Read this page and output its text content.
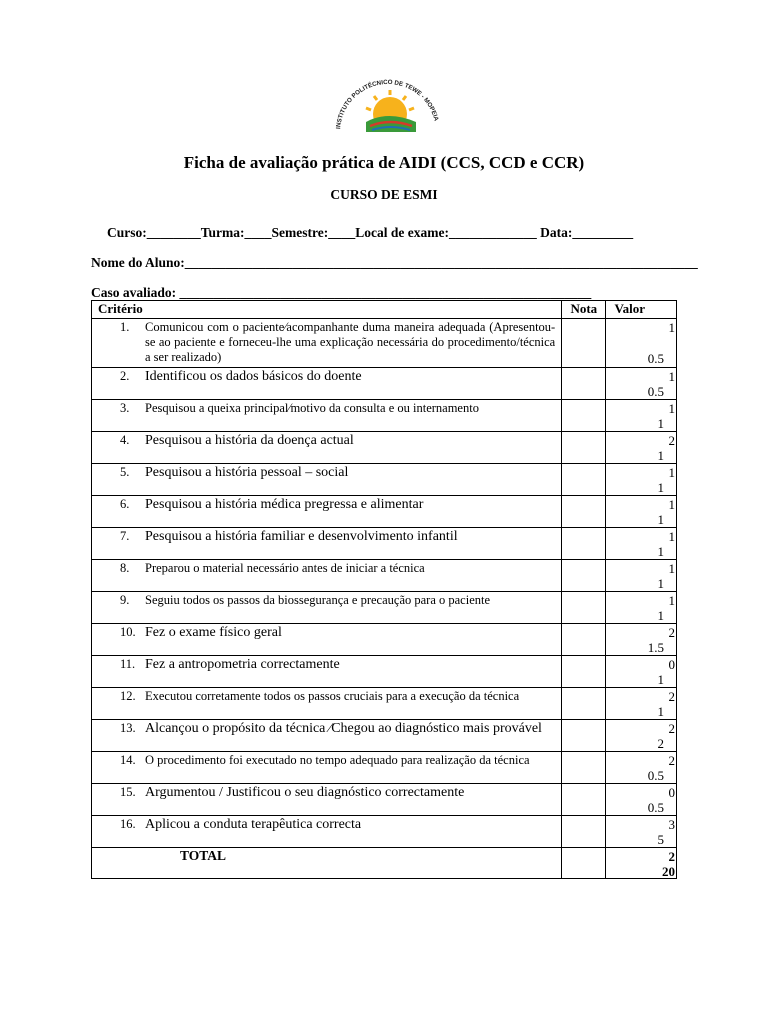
INSTITUTO POLITÉCNICO DE TEWE - MOPEIA
Ficha de avaliação prática de AIDI (CCS, CCD e CCR)
CURSO DE ESMI
Curso:________Turma:____Semestre:____Local de exame:_____________ Data:_________
Nome do Aluno:____________________________________________________________________________
Caso avaliado: _____________________________________________________________
Critério	Nota	Valor

1. Comunicou com o paciente⁄acompanhante duma maneira adequada (Apresentou-se ao paciente e forneceu-lhe uma explicação necessária do procedimento/técnica a ser realizado)		1
0.5

2. Identificou os dados básicos do doente		1
0.5

3. Pesquisou a queixa principal⁄motivo da consulta e ou internamento		1
1

4. Pesquisou a história da doença actual		2
1

5. Pesquisou a história pessoal – social		1
1

6. Pesquisou a história médica pregressa e alimentar		1
1

7. Pesquisou a história familiar e desenvolvimento infantil		1
1

8. Preparou o material necessário antes de iniciar a técnica		1
1

9. Seguiu todos os passos da biossegurança e precaução para o paciente		1
1

10. Fez o exame físico geral		2
1.5

11. Fez a antropometria correctamente		0
1

12. Executou corretamente todos os passos cruciais para a execução da técnica		2
1

13. Alcançou o propósito da técnica ⁄Chegou ao diagnóstico mais provável		2
2

14. O procedimento foi executado no tempo adequado para realização da técnica		2
0.5

15. Argumentou / Justificou o seu diagnóstico correctamente		0
0.5

16. Aplicou a conduta terapêutica correcta		3
5

TOTAL		2
20
